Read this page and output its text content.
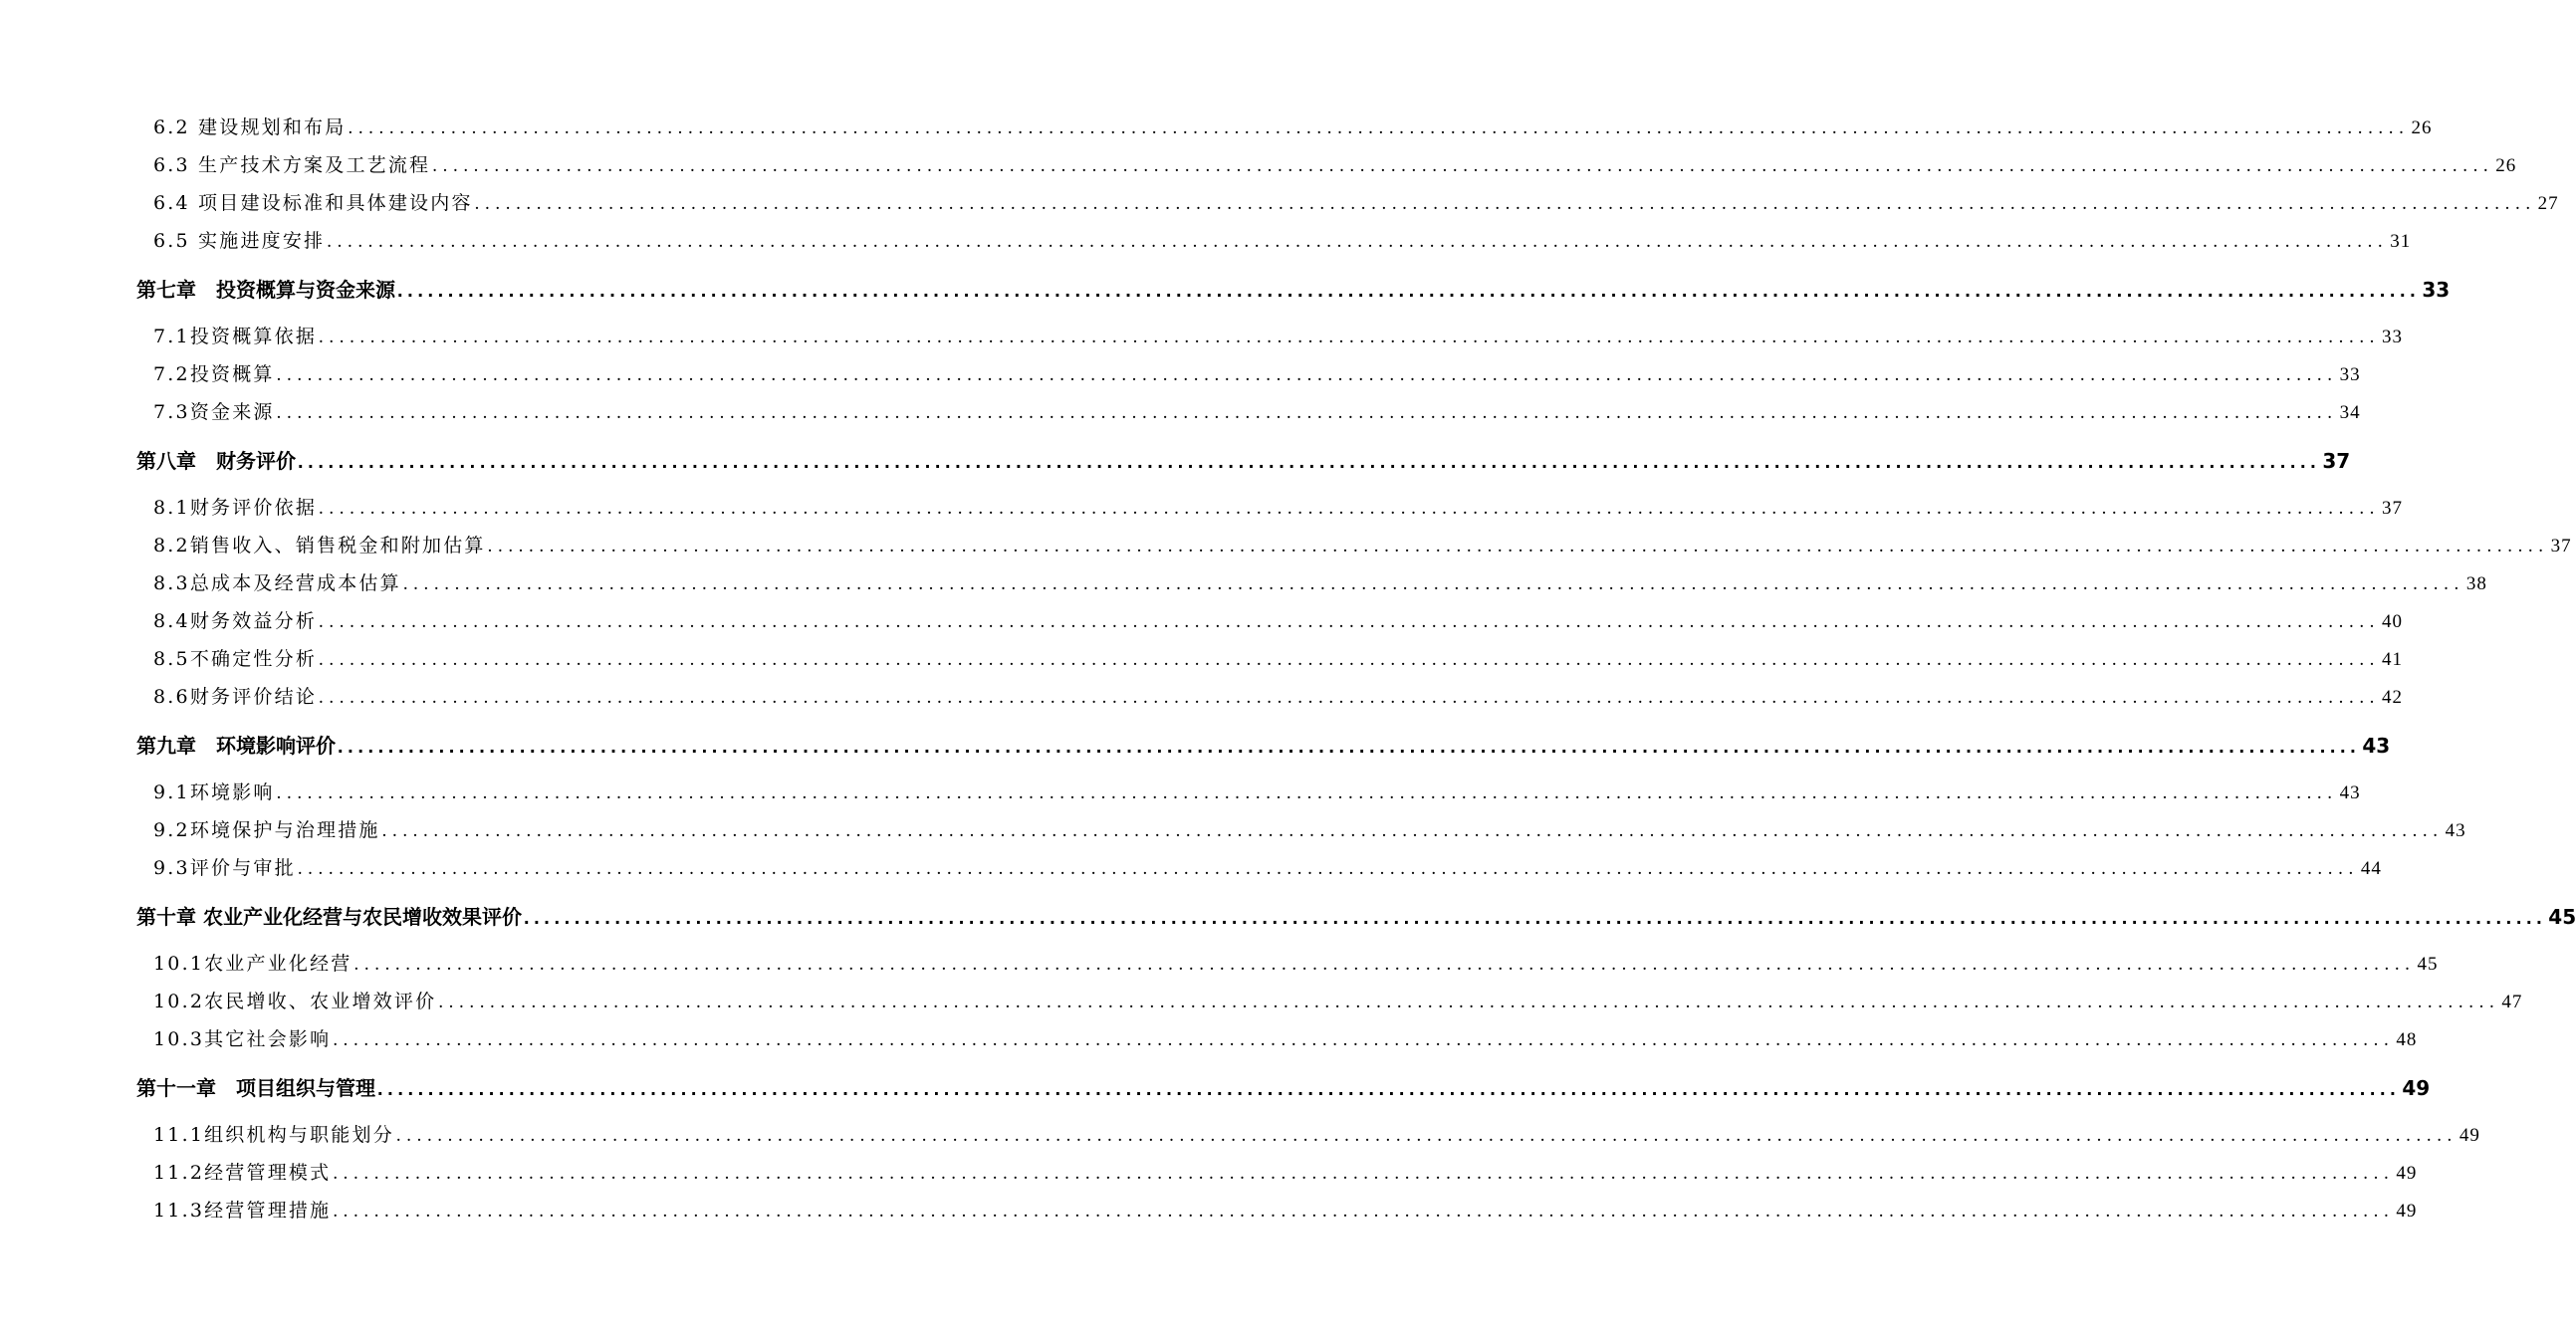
6.2 建设规划和布局 ........................................................................................................................................................................................................ 26
6.3 生产技术方案及工艺流程 ........................................................................................................................................................................................................ 26
6.4 项目建设标准和具体建设内容 ........................................................................................................................................................................................................ 27
6.5 实施进度安排 ........................................................................................................................................................................................................ 31
第七章　投资概算与资金来源 ........................................................................................................................................................................................................ 33
7.1投资概算依据 ........................................................................................................................................................................................................ 33
7.2投资概算 ........................................................................................................................................................................................................ 33
7.3资金来源 ........................................................................................................................................................................................................ 34
第八章　财务评价 ........................................................................................................................................................................................................ 37
8.1财务评价依据 ........................................................................................................................................................................................................ 37
8.2销售收入、销售税金和附加估算 ........................................................................................................................................................................................................ 37
8.3总成本及经营成本估算 ........................................................................................................................................................................................................ 38
8.4财务效益分析 ........................................................................................................................................................................................................ 40
8.5不确定性分析 ........................................................................................................................................................................................................ 41
8.6财务评价结论 ........................................................................................................................................................................................................ 42
第九章　环境影响评价 ........................................................................................................................................................................................................ 43
9.1环境影响 ........................................................................................................................................................................................................ 43
9.2环境保护与治理措施 ........................................................................................................................................................................................................ 43
9.3评价与审批 ........................................................................................................................................................................................................ 44
第十章 农业产业化经营与农民增收效果评价 ........................................................................................................................................................................................................ 45
10.1农业产业化经营 ........................................................................................................................................................................................................ 45
10.2农民增收、农业增效评价 ........................................................................................................................................................................................................ 47
10.3其它社会影响 ........................................................................................................................................................................................................ 48
第十一章　项目组织与管理 ........................................................................................................................................................................................................ 49
11.1组织机构与职能划分 ........................................................................................................................................................................................................ 49
11.2经营管理模式 ........................................................................................................................................................................................................ 49
11.3经营管理措施 ........................................................................................................................................................................................................ 49
